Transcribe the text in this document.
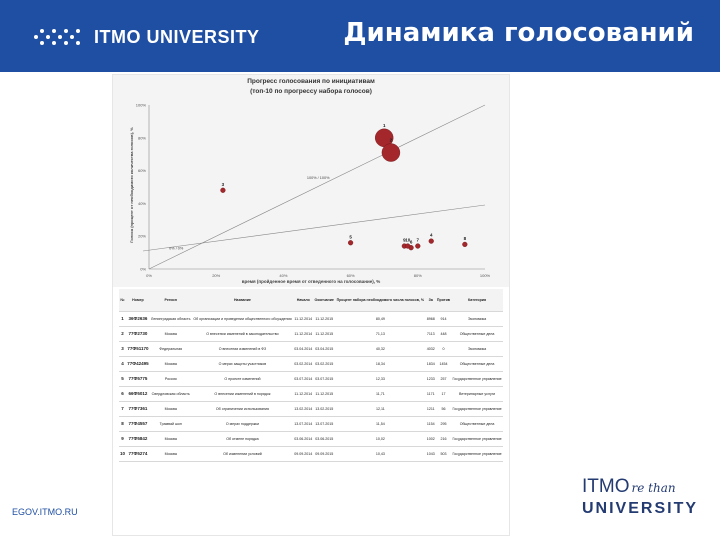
ITMO UNIVERSITY	Динамика голосований
Прогресс голосования по инициативам
(топ-10 по прогрессу набора голосов)
время (пройденное время от отведенного на голосование), %
Голоса (процент от необходимого количества голосов), %
0%	20%	40%	60%	80%	100%
0%
20%
40%
60%
80%
100%
100% / 100%
0% / 0%
1
2
3
4
5
6 7	8
9 10
№	Номер	Регион	Название	Начало	Окончание	Процент набора необходимого числа голосов, %	За	Против	Категория
1	36Ф2636	Ленинградская область	Об организации и проведении общественного обсуждения	11.12.2014	11.12.2015	80,49	8968	914	Экономика
2	77Ф2730	Москва	О внесении изменений в законодательство	11.12.2014	11.12.2015	71,13	7113	448	Общественные дела
3	77Ф51170	Федеральная	О внесении изменений в ФЗ	03.04.2014	03.04.2015	40,32	4032	0	Экономика
4	77Ф42495	Москва	О мерах защиты участников	03.02.2014	03.02.2015	18,34	1834	1454	Общественные дела
5	77Ф5775	Россия	О проекте изменений	03.07.2014	03.07.2015	12,33	1233	257	Государственное управление
6	66Ф5012	Свердловская область	О внесении изменений в порядок	11.12.2014	11.12.2015	11,71	1171	17	Ветеринарные услуги
7	77Ф7361	Москва	Об ограничении использования	13.02.2014	13.02.2015	12,11	1211	56	Государственное управление
8	77Ф4557	Трамвай шоп	О мерах поддержки	13.07.2014	13.07.2015	11,54	1154	295	Общественные дела
9	77Ф5842	Москва	Об отмене порядка	03.06.2014	03.06.2015	10,02	1002	216	Государственное управление
10	77Ф5274	Москва	Об изменении условий	09.09.2014	09.09.2015	10,43	1043	503	Государственное управление
EGOV.ITMO.RU
ITMO re than
UNIVERSITY
